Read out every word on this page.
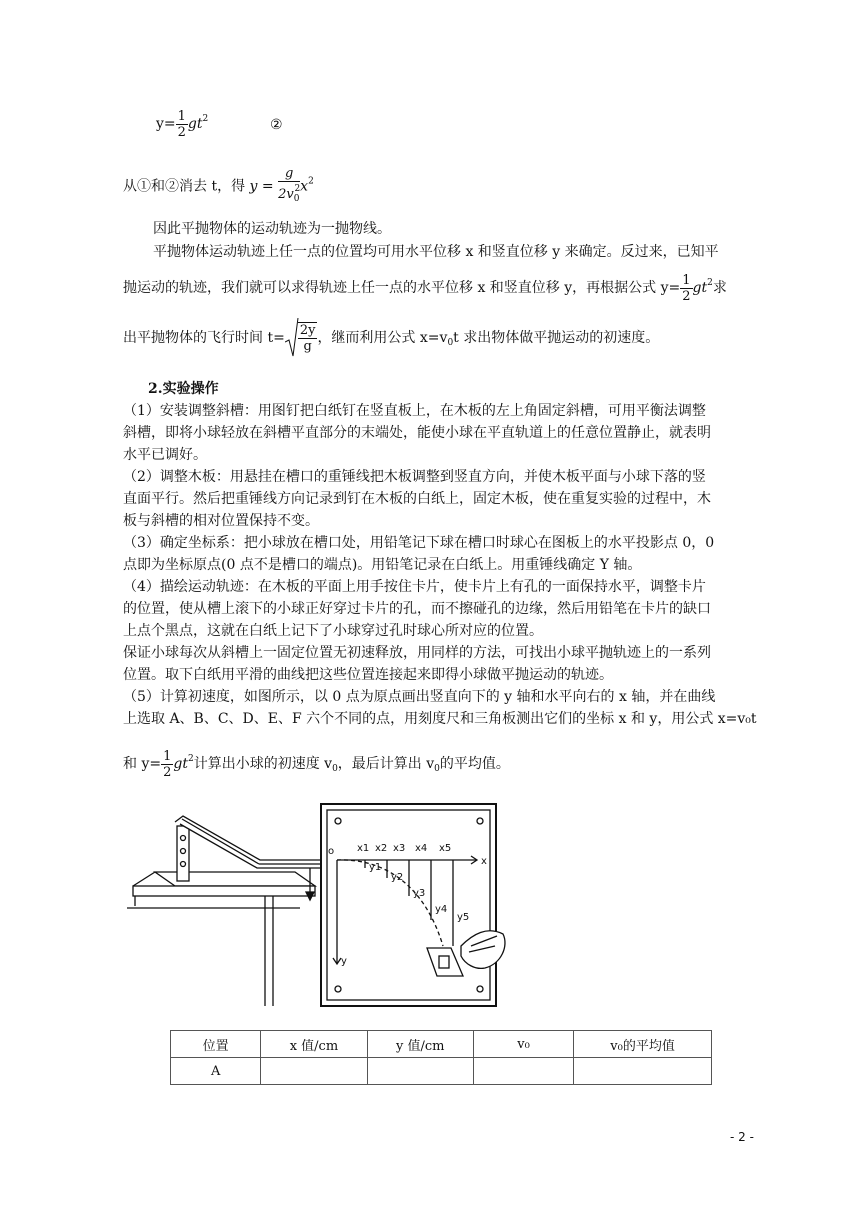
$y= \frac{1}{2} gt^2$	②
从①和②消去 t，得 $y = \frac{g}{2v_0^2} x^2$
因此平抛物体的运动轨迹为一抛物线。
平抛物体运动轨迹上任一点的位置均可用水平位移 x 和竖直位移 y 来确定。反过来，已知平
抛运动的轨迹，我们就可以求得轨迹上任一点的水平位移 x 和竖直位移 y，再根据公式 $y= \frac{1}{2} gt^2$求
出平抛物体的飞行时间 $t= \frac{2y}{g}$ ，继而利用公式 $x=v_0t$ 求出物体做平抛运动的初速度。
2.实验操作
（1）安装调整斜槽：用图钉把白纸钉在竖直板上，在木板的左上角固定斜槽，可用平衡法调整
斜槽，即将小球轻放在斜槽平直部分的末端处，能使小球在平直轨道上的任意位置静止，就表明
水平已调好。
（2）调整木板：用悬挂在槽口的重锤线把木板调整到竖直方向，并使木板平面与小球下落的竖
直面平行。然后把重锤线方向记录到钉在木板的白纸上，固定木板，使在重复实验的过程中，木
板与斜槽的相对位置保持不变。
（3）确定坐标系：把小球放在槽口处，用铅笔记下球在槽口时球心在图板上的水平投影点 0，0
点即为坐标原点(0 点不是槽口的端点)。用铅笔记录在白纸上。用重锤线确定 Y 轴。
（4）描绘运动轨迹：在木板的平面上用手按住卡片，使卡片上有孔的一面保持水平，调整卡片
的位置，使从槽上滚下的小球正好穿过卡片的孔，而不擦碰孔的边缘，然后用铅笔在卡片的缺口
上点个黑点，这就在白纸上记下了小球穿过孔时球心所对应的位置。
保证小球每次从斜槽上一固定位置无初速释放，用同样的方法，可找出小球平抛轨迹上的一系列
位置。取下白纸用平滑的曲线把这些位置连接起来即得小球做平抛运动的轨迹。
（5）计算初速度，如图所示，以 0 点为原点画出竖直向下的 y 轴和水平向右的 x 轴，并在曲线
上选取 A、B、C、D、E、F 六个不同的点，用刻度尺和三角板测出它们的坐标 x 和 y，用公式 x=v₀t
和 $y= \frac{1}{2} gt^2$计算出小球的初速度 $v_0$，最后计算出 $v_0$的平均值。
o
x
y
x1 x2 x3 x4 x5
y1
y2
y3
y4
y5
位置	x 值/cm	y 值/cm	v₀	v₀的平均值
A				
- 2 -
